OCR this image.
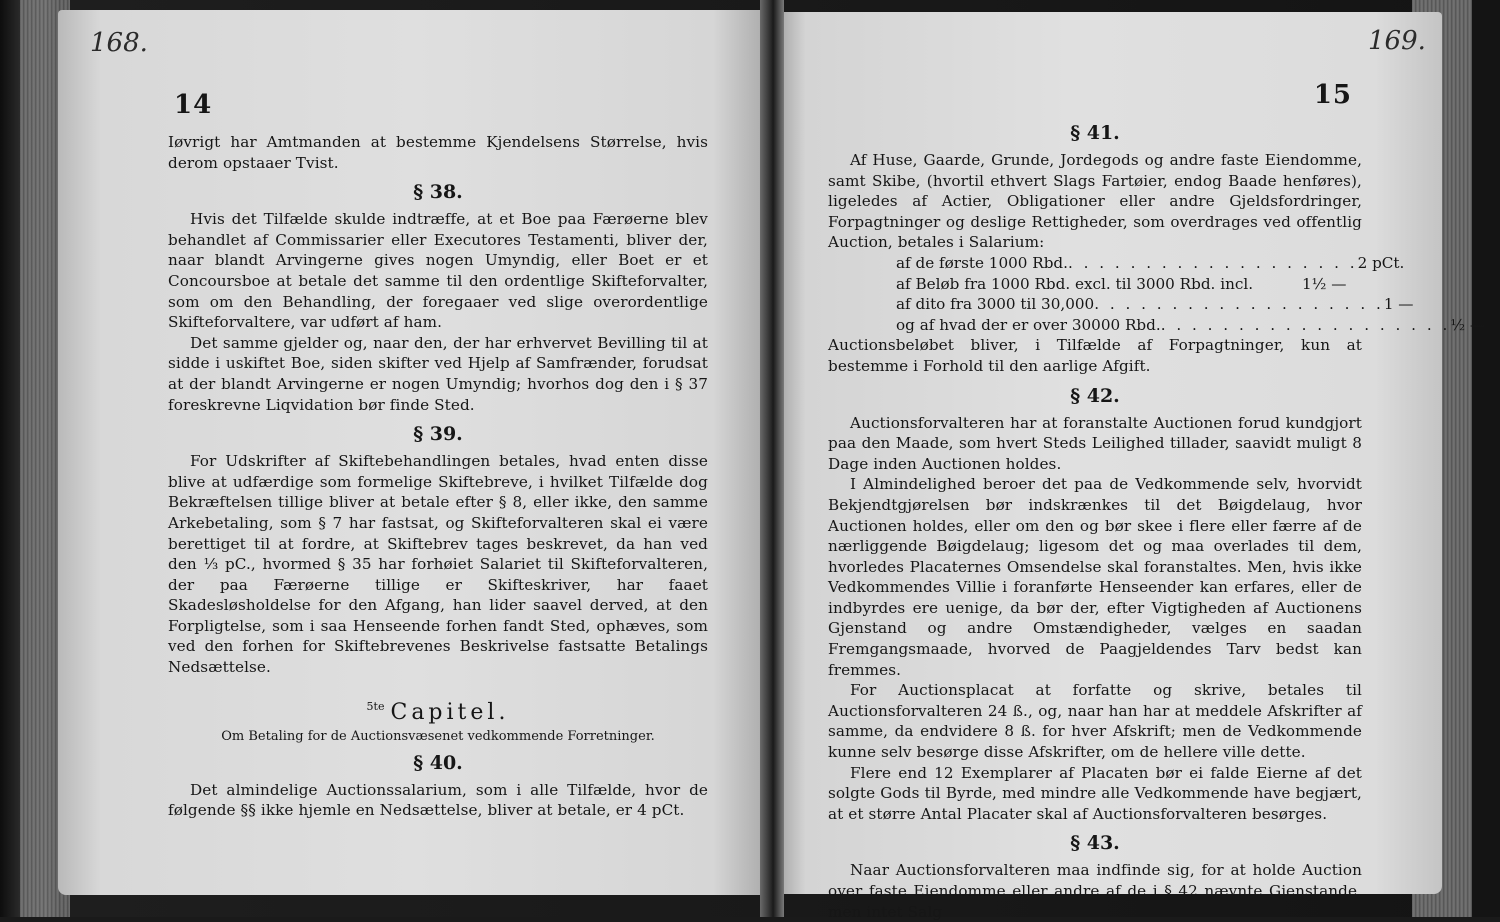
14

Iøvrigt har Amtmanden at bestemme Kjendelsens Størrelse, hvis derom opstaaer Tvist.

§ 38.

Hvis det Tilfælde skulde indtræffe, at et Boe paa Færøerne blev behandlet af Commissarier eller Executores Testamenti, bliver der, naar blandt Arvingerne gives nogen Umyndig, eller Boet er et Concoursboe at betale det samme til den ordentlige Skifteforvalter, som om den Behandling, der foregaaer ved slige overordentlige Skifteforvaltere, var udført af ham.

Det samme gjelder og, naar den, der har erhvervet Bevilling til at sidde i uskiftet Boe, siden skifter ved Hjelp af Samfrænder, forudsat at der blandt Arvingerne er nogen Umyndig; hvorhos dog den i § 37 foreskrevne Liqvidation bør finde Sted.

§ 39.

For Udskrifter af Skiftebehandlingen betales, hvad enten disse blive at udfærdige som formelige Skiftebreve, i hvilket Tilfælde dog Bekræftelsen tillige bliver at betale efter § 8, eller ikke, den samme Arkebetaling, som § 7 har fastsat, og Skifteforvalteren skal ei være berettiget til at fordre, at Skiftebrev tages beskrevet, da han ved den ⅓ pC., hvormed § 35 har forhøiet Salariet til Skifteforvalteren, der paa Færøerne tillige er Skifteskriver, har faaet Skadesløsholdelse for den Afgang, han lider saavel derved, at den Forpligtelse, som i saa Henseende forhen fandt Sted, ophæves, som ved den forhen for Skiftebrevenes Beskrivelse fastsatte Betalings Nedsættelse.

$^{5te}$ Capitel.
Om Betaling for de Auctionsvæsenet vedkommende Forretninger.
§ 40.

Det almindelige Auctionssalarium, som i alle Tilfælde, hvor de følgende §§ ikke hjemle en Nedsættelse, bliver at betale, er 4 pCt.

15
§ 41.

Af Huse, Gaarde, Grunde, Jordegods og andre faste Eiendomme, samt Skibe, (hvortil ethvert Slags Fartøier, endog Baade henføres), ligeledes af Actier, Obligationer eller andre Gjeldsfordringer, Forpagtninger og deslige Rettigheder, som overdrages ved offentlig Auction, betales i Salarium:

af de første 1000 Rbd. . . . . . . . . . . . . . . . . . . . 2 pCt.
af Beløb fra 1000 Rbd. excl. til 3000 Rbd. incl.	1½ —
af dito fra 3000 til 30,000 . . . . . . . . . . . . . . . . . . . 1 —
og af hvad der er over 30000 Rbd. . . . . . . . . . . . . . . . . . . . ½ —

Auctionsbeløbet bliver, i Tilfælde af Forpagtninger, kun at bestemme i Forhold til den aarlige Afgift.

§ 42.

Auctionsforvalteren har at foranstalte Auctionen forud kundgjort paa den Maade, som hvert Steds Leilighed tillader, saavidt muligt 8 Dage inden Auctionen holdes.

I Almindelighed beroer det paa de Vedkommende selv, hvorvidt Bekjendtgjørelsen bør indskrænkes til det Bøigdelaug, hvor Auctionen holdes, eller om den og bør skee i flere eller færre af de nærliggende Bøigdelaug; ligesom det og maa overlades til dem, hvorledes Placaternes Omsendelse skal foranstaltes. Men, hvis ikke Vedkommendes Villie i foranførte Henseender kan erfares, eller de indbyrdes ere uenige, da bør der, efter Vigtigheden af Auctionens Gjenstand og andre Omstændigheder, vælges en saadan Fremgangsmaade, hvorved de Paagjeldendes Tarv bedst kan fremmes.

For Auctionsplacat at forfatte og skrive, betales til Auctionsforvalteren 24 ß., og, naar han har at meddele Afskrifter af samme, da endvidere 8 ß. for hver Afskrift; men de Vedkommende kunne selv besørge disse Afskrifter, om de hellere ville dette.

Flere end 12 Exemplarer af Placaten bør ei falde Eierne af det solgte Gods til Byrde, med mindre alle Vedkommende have begjært, at et større Antal Placater skal af Auctionsforvalteren besørges.

§ 43.

Naar Auctionsforvalteren maa indfinde sig, for at holde Auction over faste Eiendomme eller andre af de i § 42 nævnte Gjenstande, men intet Salg

168.	169.
